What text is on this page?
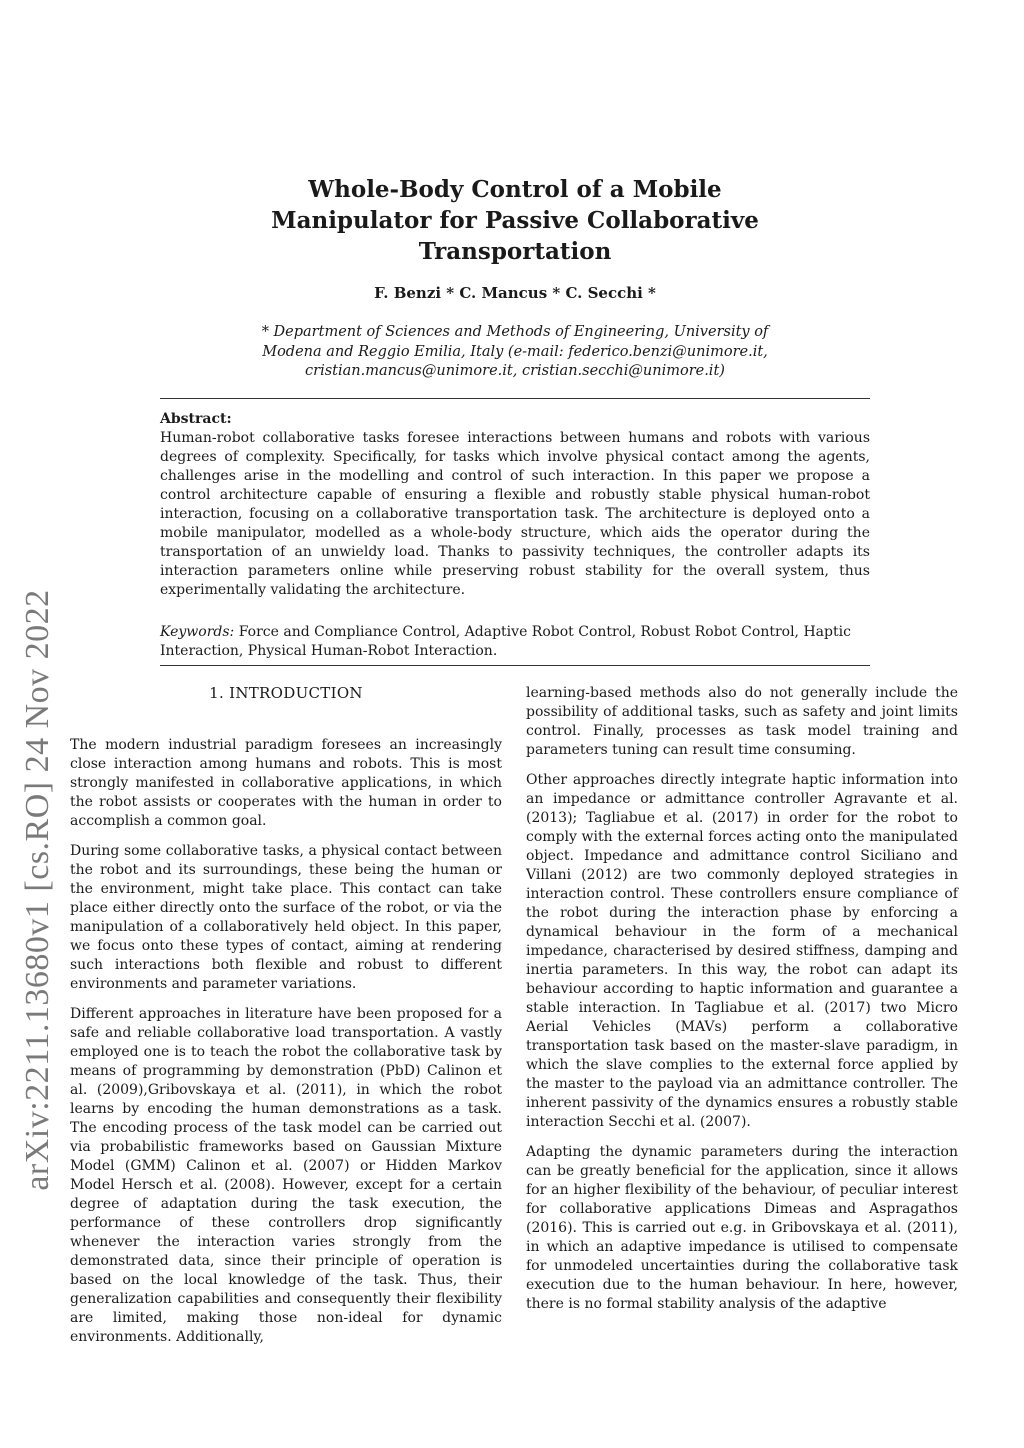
arXiv:2211.13680v1 [cs.RO] 24 Nov 2022
Whole-Body Control of a Mobile
Manipulator for Passive Collaborative
Transportation
F. Benzi * C. Mancus * C. Secchi *
* Department of Sciences and Methods of Engineering, University of
Modena and Reggio Emilia, Italy (e-mail: federico.benzi@unimore.it,
cristian.mancus@unimore.it, cristian.secchi@unimore.it)
Abstract:
Human-robot collaborative tasks foresee interactions between humans and robots with various degrees of complexity. Specifically, for tasks which involve physical contact among the agents, challenges arise in the modelling and control of such interaction. In this paper we propose a control architecture capable of ensuring a flexible and robustly stable physical human-robot interaction, focusing on a collaborative transportation task. The architecture is deployed onto a mobile manipulator, modelled as a whole-body structure, which aids the operator during the transportation of an unwieldy load. Thanks to passivity techniques, the controller adapts its interaction parameters online while preserving robust stability for the overall system, thus experimentally validating the architecture.
Keywords: Force and Compliance Control, Adaptive Robot Control, Robust Robot Control, Haptic Interaction, Physical Human-Robot Interaction.
1. INTRODUCTION

The modern industrial paradigm foresees an increasingly close interaction among humans and robots. This is most strongly manifested in collaborative applications, in which the robot assists or cooperates with the human in order to accomplish a common goal.

During some collaborative tasks, a physical contact between the robot and its surroundings, these being the human or the environment, might take place. This contact can take place either directly onto the surface of the robot, or via the manipulation of a collaboratively held object. In this paper, we focus onto these types of contact, aiming at rendering such interactions both flexible and robust to different environments and parameter variations.

Different approaches in literature have been proposed for a safe and reliable collaborative load transportation. A vastly employed one is to teach the robot the collaborative task by means of programming by demonstration (PbD) Calinon et al. (2009),Gribovskaya et al. (2011), in which the robot learns by encoding the human demonstrations as a task. The encoding process of the task model can be carried out via probabilistic frameworks based on Gaussian Mixture Model (GMM) Calinon et al. (2007) or Hidden Markov Model Hersch et al. (2008). However, except for a certain degree of adaptation during the task execution, the performance of these controllers drop significantly whenever the interaction varies strongly from the demonstrated data, since their principle of operation is based on the local knowledge of the task. Thus, their generalization capabilities and consequently their flexibility are limited, making those non-ideal for dynamic environments. Additionally,

learning-based methods also do not generally include the possibility of additional tasks, such as safety and joint limits control. Finally, processes as task model training and parameters tuning can result time consuming.

Other approaches directly integrate haptic information into an impedance or admittance controller Agravante et al. (2013); Tagliabue et al. (2017) in order for the robot to comply with the external forces acting onto the manipulated object. Impedance and admittance control Siciliano and Villani (2012) are two commonly deployed strategies in interaction control. These controllers ensure compliance of the robot during the interaction phase by enforcing a dynamical behaviour in the form of a mechanical impedance, characterised by desired stiffness, damping and inertia parameters. In this way, the robot can adapt its behaviour according to haptic information and guarantee a stable interaction. In Tagliabue et al. (2017) two Micro Aerial Vehicles (MAVs) perform a collaborative transportation task based on the master-slave paradigm, in which the slave complies to the external force applied by the master to the payload via an admittance controller. The inherent passivity of the dynamics ensures a robustly stable interaction Secchi et al. (2007).

Adapting the dynamic parameters during the interaction can be greatly beneficial for the application, since it allows for an higher flexibility of the behaviour, of peculiar interest for collaborative applications Dimeas and Aspragathos (2016). This is carried out e.g. in Gribovskaya et al. (2011), in which an adaptive impedance is utilised to compensate for unmodeled uncertainties during the collaborative task execution due to the human behaviour. In here, however, there is no formal stability analysis of the adaptive
